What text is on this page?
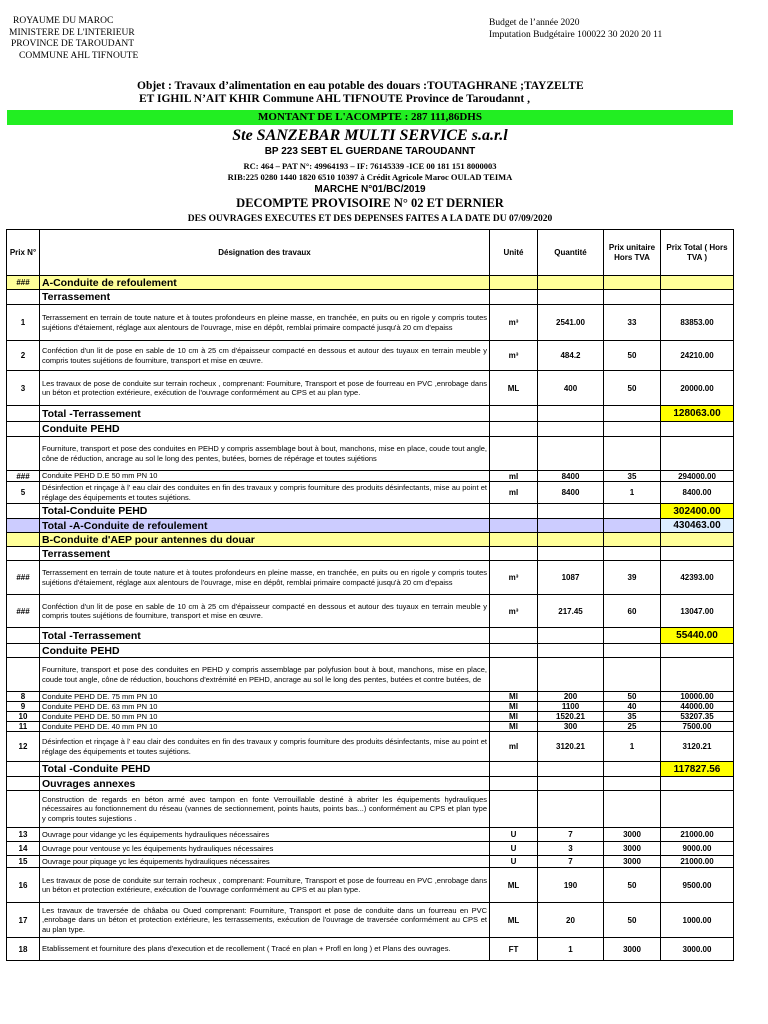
ROYAUME DU MAROC
MINISTERE DE L'INTERIEUR
PROVINCE DE TAROUDANT
COMMUNE AHL TIFNOUTE
Budget de l’année 2020
Imputation Budgétaire 100022 30 2020 20 11
Objet : Travaux d’alimentation en eau potable des douars :TOUTAGHRANE ;TAYZELTE
ET IGHIL N’AIT KHIR Commune AHL TIFNOUTE Province de Taroudannt ,
MONTANT DE L'ACOMPTE : 287 111,86DHS
Ste SANZEBAR MULTI SERVICE s.a.r.l
BP 223 SEBT EL GUERDANE TAROUDANNT
RC: 464 – PAT N°: 49964193 – IF: 76145339 -ICE 00 181 151 8000003
RIB:225 0280 1440 1820 6510 10397 à Crédit Agricole Maroc OULAD TEIMA
MARCHE N°01/BC/2019
DECOMPTE PROVISOIRE N° 02 ET DERNIER
DES OUVRAGES EXECUTES ET DES DEPENSES FAITES A LA DATE DU 07/09/2020
Prix N°	Désignation des travaux	Unité	Quantité	Prix unitaire Hors TVA	Prix Total ( Hors TVA )
###	A-Conduite de refoulement				
	Terrassement				
1	Terrassement en terrain de toute nature et à toutes profondeurs en pleine masse, en tranchée, en puits ou en rigole y compris toutes sujétions d'étaiement, réglage aux alentours de l'ouvrage, mise en dépôt, remblai primaire compacté jusqu'à 20 cm d'epaiss	m³	2541.00	33	83853.00
2	Conféction d'un lit de pose en sable de 10 cm à 25 cm d'épaisseur compacté en dessous et autour des tuyaux en terrain meuble y compris toutes sujétions de fourniture, transport et mise en œuvre.	m³	484.2	50	24210.00
3	Les travaux de pose de conduite sur terrain rocheux , comprenant: Fourniture, Transport et pose de fourreau en PVC ,enrobage dans un béton et protection extérieure, exécution de l'ouvrage conformément au CPS et au plan type.	ML	400	50	20000.00
	Total -Terrassement				128063.00
	Conduite PEHD				
	Fourniture, transport et pose des conduites en PEHD y compris assemblage bout à bout, manchons, mise en place, coude tout angle, cône de réduction, ancrage au sol le long des pentes, butées, bornes de répérage et toutes sujétions				
###	Conduite PEHD D.E 50 mm PN 10	ml	8400	35	294000.00
5	Désinfection et rinçage à l' eau clair des conduites en fin des travaux y compris fourniture des produits désinfectants, mise au point et réglage des équipements et toutes sujétions.	ml	8400	1	8400.00
	Total-Conduite PEHD				302400.00
	Total -A-Conduite de refoulement				430463.00
	B-Conduite d'AEP pour antennes du douar				
	Terrassement				
###	Terrassement en terrain de toute nature et à toutes profondeurs en pleine masse, en tranchée, en puits ou en rigole y compris toutes sujétions d'étaiement, réglage aux alentours de l'ouvrage, mise en dépôt, remblai primaire compacté jusqu'à 20 cm d'epaiss	m³	1087	39	42393.00
###	Conféction d'un lit de pose en sable de 10 cm à 25 cm d'épaisseur compacté en dessous et autour des tuyaux en terrain meuble y compris toutes sujétions de fourniture, transport et mise en œuvre.	m³	217.45	60	13047.00
	Total -Terrassement				55440.00
	Conduite PEHD				
	Fourniture, transport et pose des conduites en PEHD y compris assemblage par polyfusion bout à bout, manchons, mise en place, coude tout angle, cône de réduction, bouchons d'extrémité en PEHD, ancrage au sol le long des pentes, butées et contre butées, de				
8	Conduite PEHD DE. 75 mm PN 10	Ml	200	50	10000.00
9	Conduite PEHD DE. 63 mm PN 10	Ml	1100	40	44000.00
10	Conduite PEHD DE. 50 mm PN 10	Ml	1520.21	35	53207.35
11	Conduite PEHD DE. 40 mm PN 10	Ml	300	25	7500.00
12	Désinfection et rinçage à l' eau clair des conduites en fin des travaux y compris fourniture des produits désinfectants, mise au point et réglage des équipements et toutes sujétions.	ml	3120.21	1	3120.21
	Total -Conduite PEHD				117827.56
	Ouvrages annexes				
	Construction de regards en béton armé avec tampon en fonte Verrouillable destiné à abriter les équipements hydrauliques nécessaires au fonctionnement du réseau (vannes de sectionnement, points hauts, points bas...) conformément au CPS et plan type y compris toutes sujestions .				
13	Ouvrage pour vidange yc les équipements hydrauliques nécessaires	U	7	3000	21000.00
14	Ouvrage pour ventouse yc les équipements hydrauliques nécessaires	U	3	3000	9000.00
15	Ouvrage pour piquage yc les équipements hydrauliques nécessaires	U	7	3000	21000.00
16	Les travaux de pose de conduite sur terrain rocheux , comprenant: Fourniture, Transport et pose de fourreau en PVC ,enrobage dans un béton et protection extérieure, exécution de l'ouvrage conformément au CPS et au plan type.	ML	190	50	9500.00
17	Les travaux de traversée de châaba ou Oued comprenant: Fourniture, Transport et pose de conduite dans un fourreau en PVC ,enrobage dans un béton et protection extérieure, les terrassements, exécution de l'ouvrage de traversée conformément au CPS et au plan type.	ML	20	50	1000.00
18	Etablissement et fourniture des plans d'execution et de recollement ( Tracé en plan + Profl en long ) et Plans des ouvrages.	FT	1	3000	3000.00
